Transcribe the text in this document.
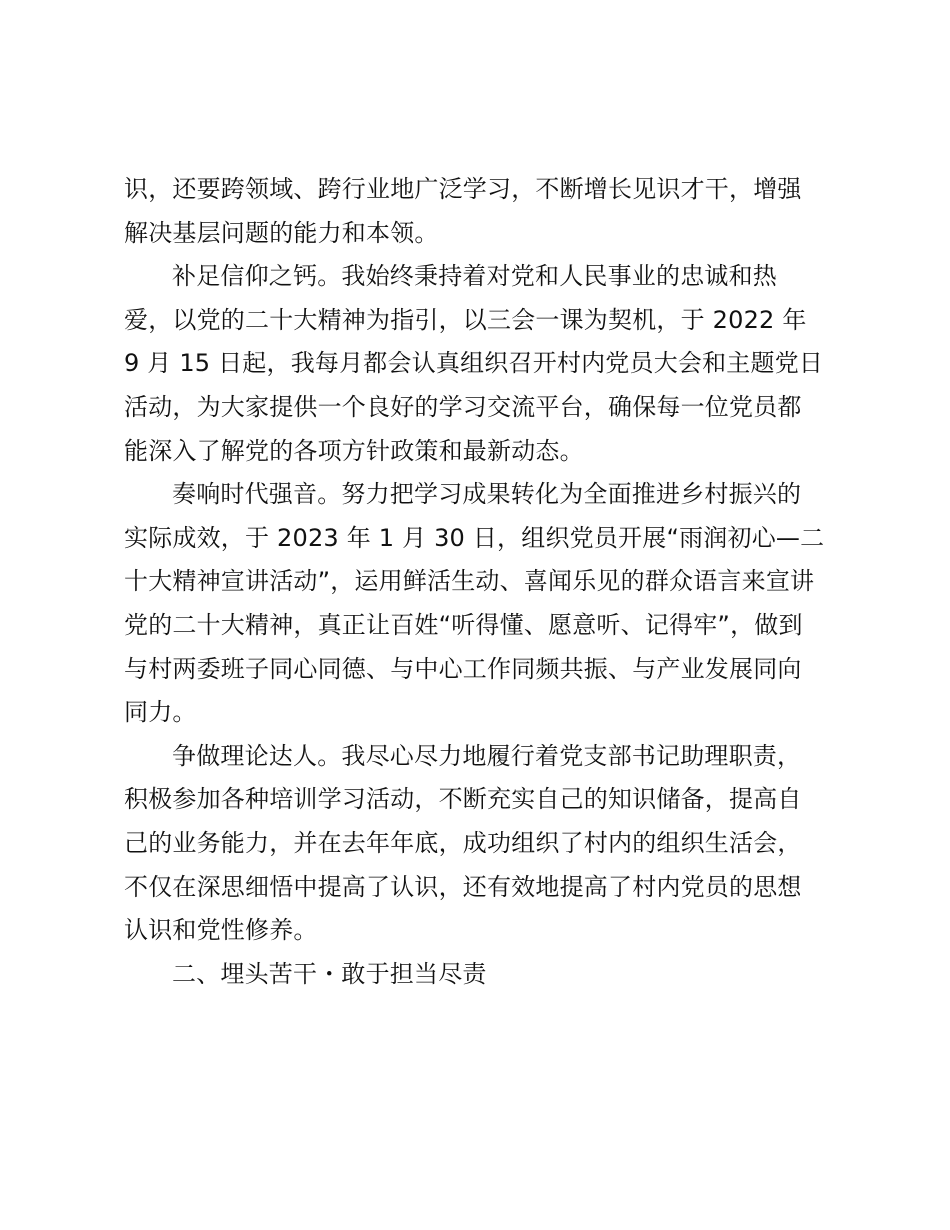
识，还要跨领域、跨行业地广泛学习，不断增长见识才干，增强
解决基层问题的能力和本领。
补足信仰之钙。我始终秉持着对党和人民事业的忠诚和热
爱，以党的二十大精神为指引，以三会一课为契机，于 2022 年
9 月 15 日起，我每月都会认真组织召开村内党员大会和主题党日
活动，为大家提供一个良好的学习交流平台，确保每一位党员都
能深入了解党的各项方针政策和最新动态。
奏响时代强音。努力把学习成果转化为全面推进乡村振兴的
实际成效，于 2023 年 1 月 30 日，组织党员开展“雨润初心—二
十大精神宣讲活动”，运用鲜活生动、喜闻乐见的群众语言来宣讲
党的二十大精神，真正让百姓“听得懂、愿意听、记得牢”，做到
与村两委班子同心同德、与中心工作同频共振、与产业发展同向
同力。
争做理论达人。我尽心尽力地履行着党支部书记助理职责，
积极参加各种培训学习活动，不断充实自己的知识储备，提高自
己的业务能力，并在去年年底，成功组织了村内的组织生活会，
不仅在深思细悟中提高了认识，还有效地提高了村内党员的思想
认识和党性修养。
二、埋头苦干・敢于担当尽责
